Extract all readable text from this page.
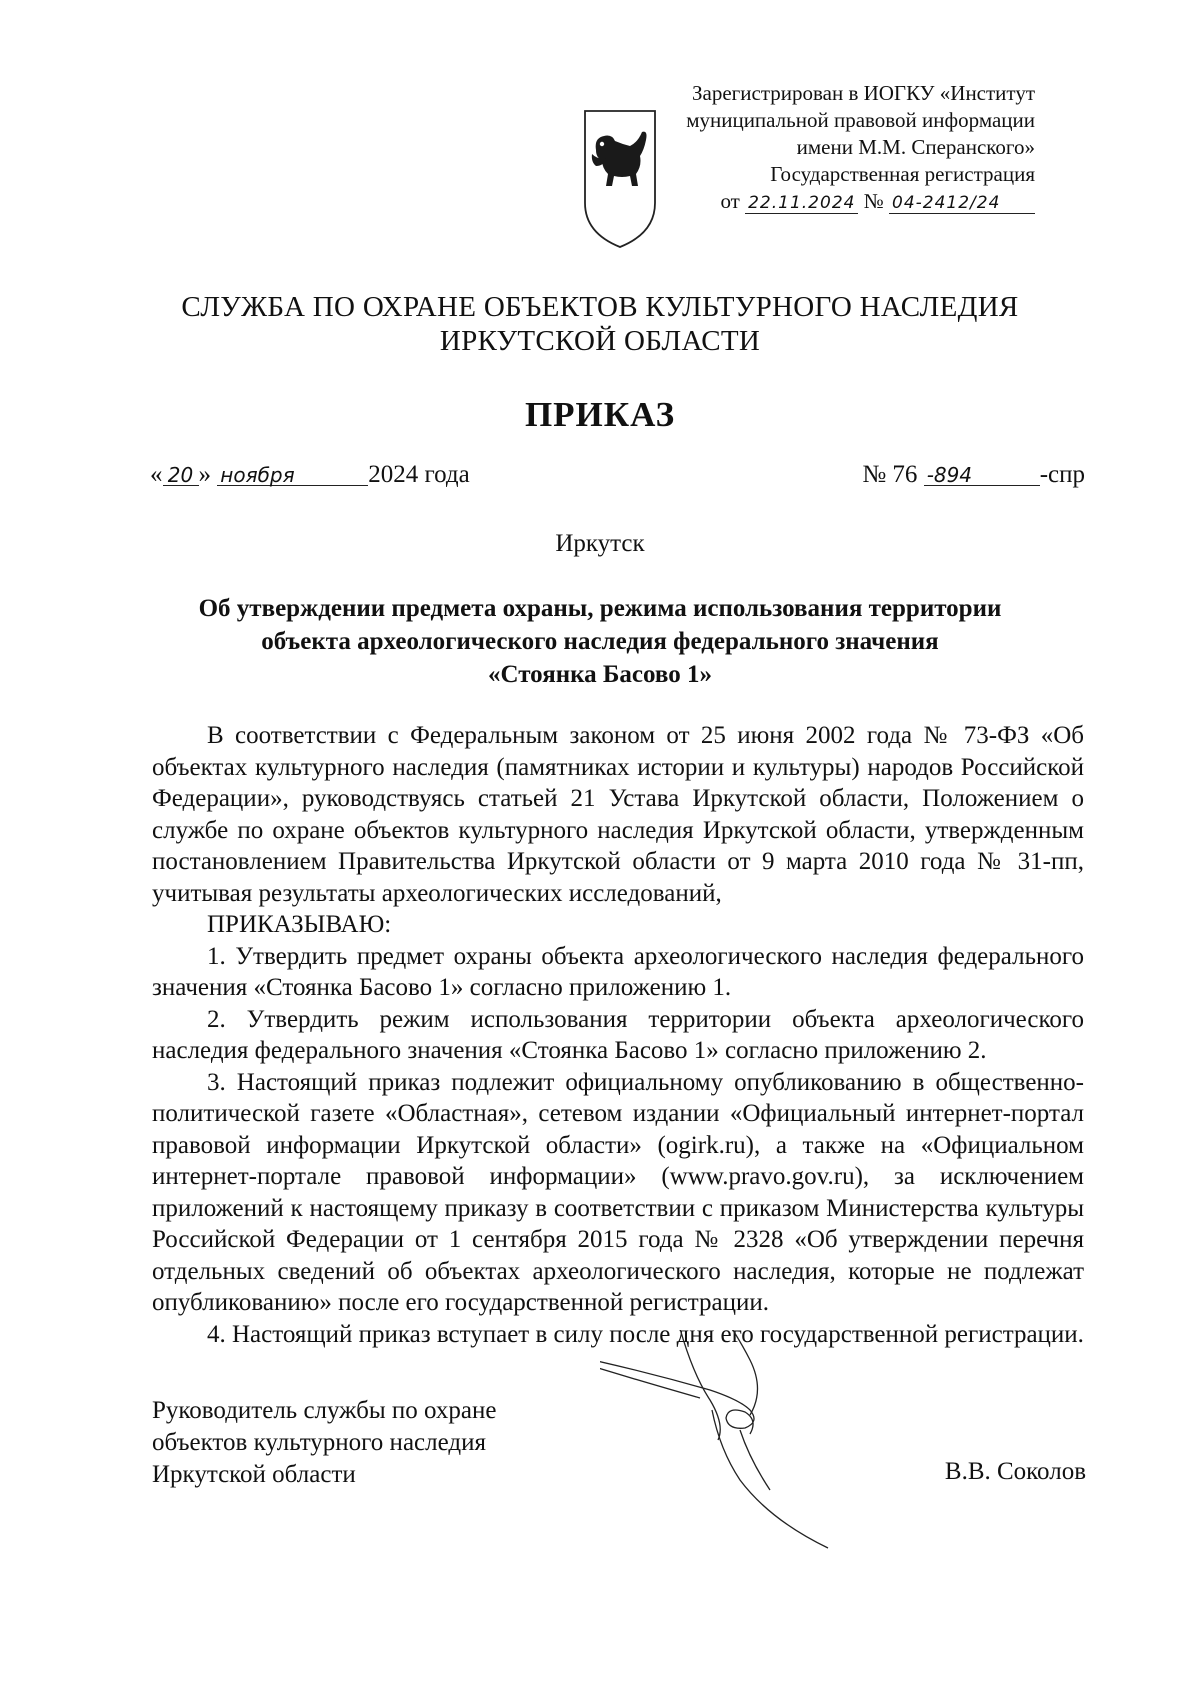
Зарегистрирован в ИОГКУ «Институт
муниципальной правовой информации
имени М.М. Сперанского»
Государственная регистрация
от 22.11.2024 № 04-2412/24
СЛУЖБА ПО ОХРАНЕ ОБЪЕКТОВ КУЛЬТУРНОГО НАСЛЕДИЯ
ИРКУТСКОЙ ОБЛАСТИ
ПРИКАЗ
« 20 » ноября	2024 года	№ 76 -894	-спр
Иркутск
Об утверждении предмета охраны, режима использования территории
объекта археологического наследия федерального значения
«Стоянка Басово 1»

В соответствии с Федеральным законом от 25 июня 2002 года № 73-ФЗ «Об объектах культурного наследия (памятниках истории и культуры) народов Российской Федерации», руководствуясь статьей 21 Устава Иркутской области, Положением о службе по охране объектов культурного наследия Иркутской области, утвержденным постановлением Правительства Иркутской области от 9 марта 2010 года № 31-пп, учитывая результаты археологических исследований,

ПРИКАЗЫВАЮ:

1. Утвердить предмет охраны объекта археологического наследия федерального значения «Стоянка Басово 1» согласно приложению 1.

2. Утвердить режим использования территории объекта археологического наследия федерального значения «Стоянка Басово 1» согласно приложению 2.

3. Настоящий приказ подлежит официальному опубликованию в общественно-политической газете «Областная», сетевом издании «Официальный интернет-портал правовой информации Иркутской области» (ogirk.ru), а также на «Официальном интернет-портале правовой информации» (www.pravo.gov.ru), за исключением приложений к настоящему приказу в соответствии с приказом Министерства культуры Российской Федерации от 1 сентября 2015 года № 2328 «Об утверждении перечня отдельных сведений об объектах археологического наследия, которые не подлежат опубликованию» после его государственной регистрации.

4. Настоящий приказ вступает в силу после дня его государственной регистрации.

Руководитель службы по охране
объектов культурного наследия
Иркутской области	В.В. Соколов
